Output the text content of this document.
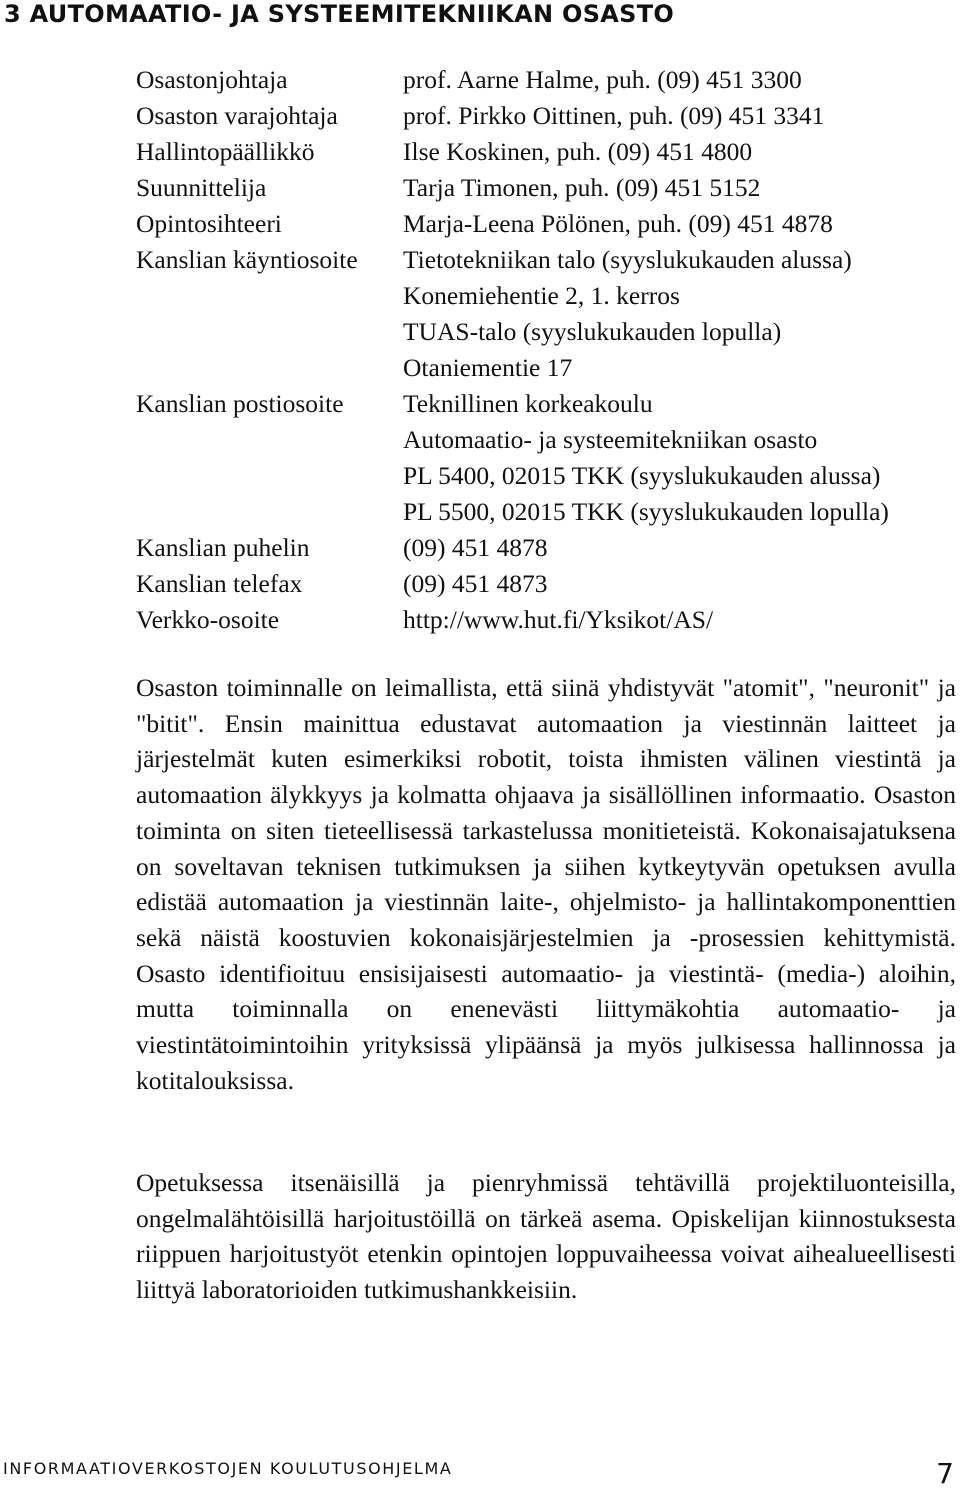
3 AUTOMAATIO- JA SYSTEEMITEKNIIKAN OSASTO
Osastonjohtaja	prof. Aarne Halme, puh. (09) 451 3300
Osaston varajohtaja	prof. Pirkko Oittinen, puh. (09) 451 3341
Hallintopäällikkö	Ilse Koskinen, puh. (09) 451 4800
Suunnittelija	Tarja Timonen, puh. (09) 451 5152
Opintosihteeri	Marja-Leena Pölönen, puh. (09) 451 4878
Kanslian käyntiosoite	Tietotekniikan talo (syyslukukauden alussa)
Konemiehentie 2, 1. kerros
TUAS-talo (syyslukukauden lopulla)
Otaniementie 17
Kanslian postiosoite	Teknillinen korkeakoulu
Automaatio- ja systeemitekniikan osasto
PL 5400, 02015 TKK (syyslukukauden alussa)
PL 5500, 02015 TKK (syyslukukauden lopulla)
Kanslian puhelin	(09) 451 4878
Kanslian telefax	(09) 451 4873
Verkko-osoite	http://www.hut.fi/Yksikot/AS/

Osaston toiminnalle on leimallista, että siinä yhdistyvät "atomit", "neuronit" ja "bitit". Ensin mainittua edustavat automaation ja viestinnän laitteet ja järjestelmät kuten esimerkiksi robotit, toista ihmisten välinen viestintä ja automaation älykkyys ja kolmatta ohjaava ja sisällöllinen informaatio. Osaston toiminta on siten tieteellisessä tarkastelussa monitieteistä. Kokonaisajatuksena on soveltavan teknisen tutkimuksen ja siihen kytkeytyvän opetuksen avulla edistää automaation ja viestinnän laite-, ohjelmisto- ja hallintakomponenttien sekä näistä koostuvien kokonaisjärjestelmien ja -prosessien kehittymistä. Osasto identifioituu ensisijaisesti automaatio- ja viestintä- (media-) aloihin, mutta toiminnalla on enenevästi liittymäkohtia automaatio- ja viestintätoimintoihin yrityksissä ylipäänsä ja myös julkisessa hallinnossa ja kotitalouksissa.

Opetuksessa itsenäisillä ja pienryhmissä tehtävillä projektiluonteisilla, ongelmalähtöisillä harjoitustöillä on tärkeä asema. Opiskelijan kiinnostuksesta riippuen harjoitustyöt etenkin opintojen loppuvaiheessa voivat aihealueellisesti liittyä laboratorioiden tutkimushankkeisiin.

INFORMAATIOVERKOSTOJEN KOULUTUSOHJELMA	7
